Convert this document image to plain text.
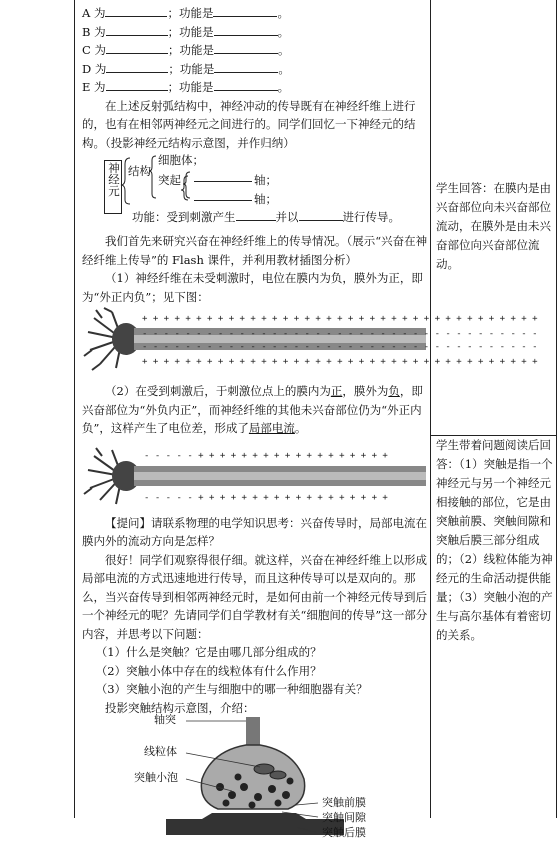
A 为	；功能是	。
B 为	；功能是	。
C 为	；功能是	。
D 为	；功能是	。
E 为	；功能是	。

在上述反射弧结构中，神经冲动的传导既有在神经纤维上进行的，也有在相邻两神经元之间进行的。同学们回忆一下神经元的结构。（投影神经元结构示意图，并作归纳）

神经元 结构
细胞体；
突起	轴；
轴；
功能：受到刺激产生	并以	进行传导。

我们首先来研究兴奋在神经纤维上的传导情况。（展示“兴奋在神经纤维上传导”的 Flash 课件，并利用教材插图分析）

（1）神经纤维在未受刺激时，电位在膜内为负，膜外为正，即为“外正内负”；见下图：

+ + + + + + + + + + + + + + + + + + + + + + + + + + + + + + + + + + + + +
- - - - - - - - - - - - - - - - - - - - - - - - - - - - - - - - - - - - -
- - - - - - - - - - - - - - - - - - - - - - - - - - - - - - - - - - - - -
+ + + + + + + + + + + + + + + + + + + + + + + + + + + + + + + + + + + + +

（2）在受到刺激后，于刺激位点上的膜内为正，膜外为负，即兴奋部位为“外负内正”，而神经纤维的其他未兴奋部位仍为“外正内负”，这样产生了电位差，形成了局部电流。

- - - - - + + + + + + + + + + + + + + + + + +
- - - - - + + + + + + + + + + + + + + + + + +

【提问】请联系物理的电学知识思考：兴奋传导时，局部电流在膜内外的流动方向是怎样？

很好！同学们观察得很仔细。就这样，兴奋在神经纤维上以形成局部电流的方式迅速地进行传导，而且这种传导可以是双向的。那么，当兴奋传导到相邻两神经元时，是如何由前一个神经元传导到后一个神经元的呢？先请同学们自学教材有关“细胞间的传导”这一部分内容，并思考以下问题：

（1）什么是突触？它是由哪几部分组成的？
（2）突触小体中存在的线粒体有什么作用？
（3）突触小泡的产生与细胞中的哪一种细胞器有关？

投影突触结构示意图，介绍：

轴突
线粒体
突触小泡
突触前膜
突触间隙
突触后膜
学生回答：在膜内是由兴奋部位向未兴奋部位流动，在膜外是由未兴奋部位向兴奋部位流动。
学生带着问题阅读后回答：（1）突触是指一个神经元与另一个神经元相接触的部位，它是由突触前膜、突触间隙和突触后膜三部分组成的；（2）线粒体能为神经元的生命活动提供能量；（3）突触小泡的产生与高尔基体有着密切的关系。
